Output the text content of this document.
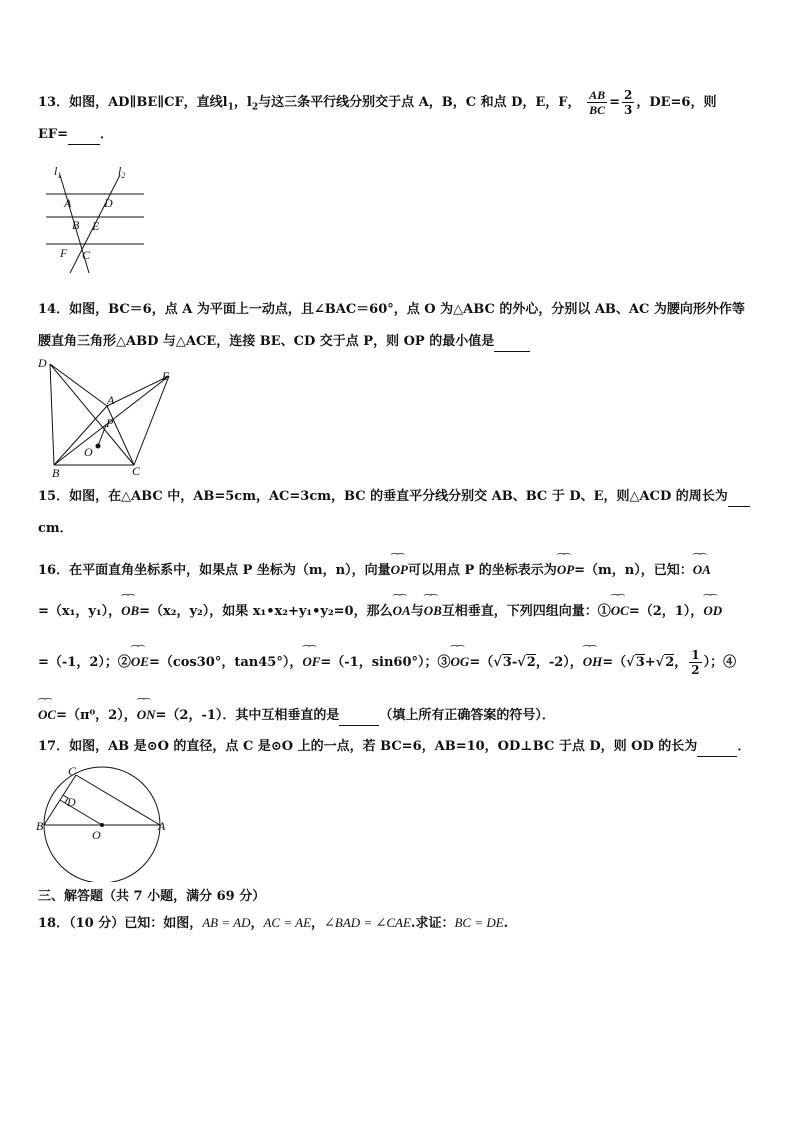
13．如图，AD∥BE∥CF，直线$l_1$，$l_2$与这三条平行线分别交于点 A，B，C 和点 D，E，F， $\frac{AB}{BC} = \frac{2}{3}$ ，DE=6，则
EF= ．
$l_1$	$l_2$
A	D
B E
F C
14．如图，BC＝6，点 A 为平面上一动点，且∠BAC＝60°，点 O 为△ABC 的外心，分别以 AB、AC 为腰向形外作等
腰直角三角形△ABD 与△ACE，连接 BE、CD 交于点 P，则 OP 的最小值是
D
E
A
P
O
B	C
15．如图，在△ABC 中，AB=5cm，AC=3cm，BC 的垂直平分线分别交 AB、BC 于 D、E，则△ACD 的周长为
cm．
16．在平面直角坐标系中，如果点 P 坐标为（m，n），向量⌒⌒ OP可以用点 P 的坐标表示为⌒⌒ OP=（m，n），已知：⌒⌒ OA
=（x₁，y₁），⌒⌒ OB=（x₂，y₂），如果 x₁•x₂+y₁•y₂=0，那么⌒⌒ OA与⌒⌒ OB互相垂直，下列四组向量：①⌒⌒ OC=（2，1），⌒⌒ OD
=（-1，2）；②⌒⌒ OE=（cos30°，tan45°），⌒⌒ OF=（-1，sin60°）；③⌒⌒ OG=（√3-√2，-2），⌒⌒ OH=（√3+√2， $\frac{1}{2}$ ）；④
⌒⌒ OC=（π⁰，2），⌒⌒ ON=（2，-1）．其中互相垂直的是	（填上所有正确答案的符号）．
17．如图，AB 是⊙O 的直径，点 C 是⊙O 上的一点，若 BC=6，AB=10，OD⊥BC 于点 D，则 OD 的长为	．
C
D
B
O
A
三、解答题（共 7 小题，满分 69 分）
18．（10 分）已知：如图，AB = AD，AC = AE，∠BAD = ∠CAE.求证：BC = DE.
